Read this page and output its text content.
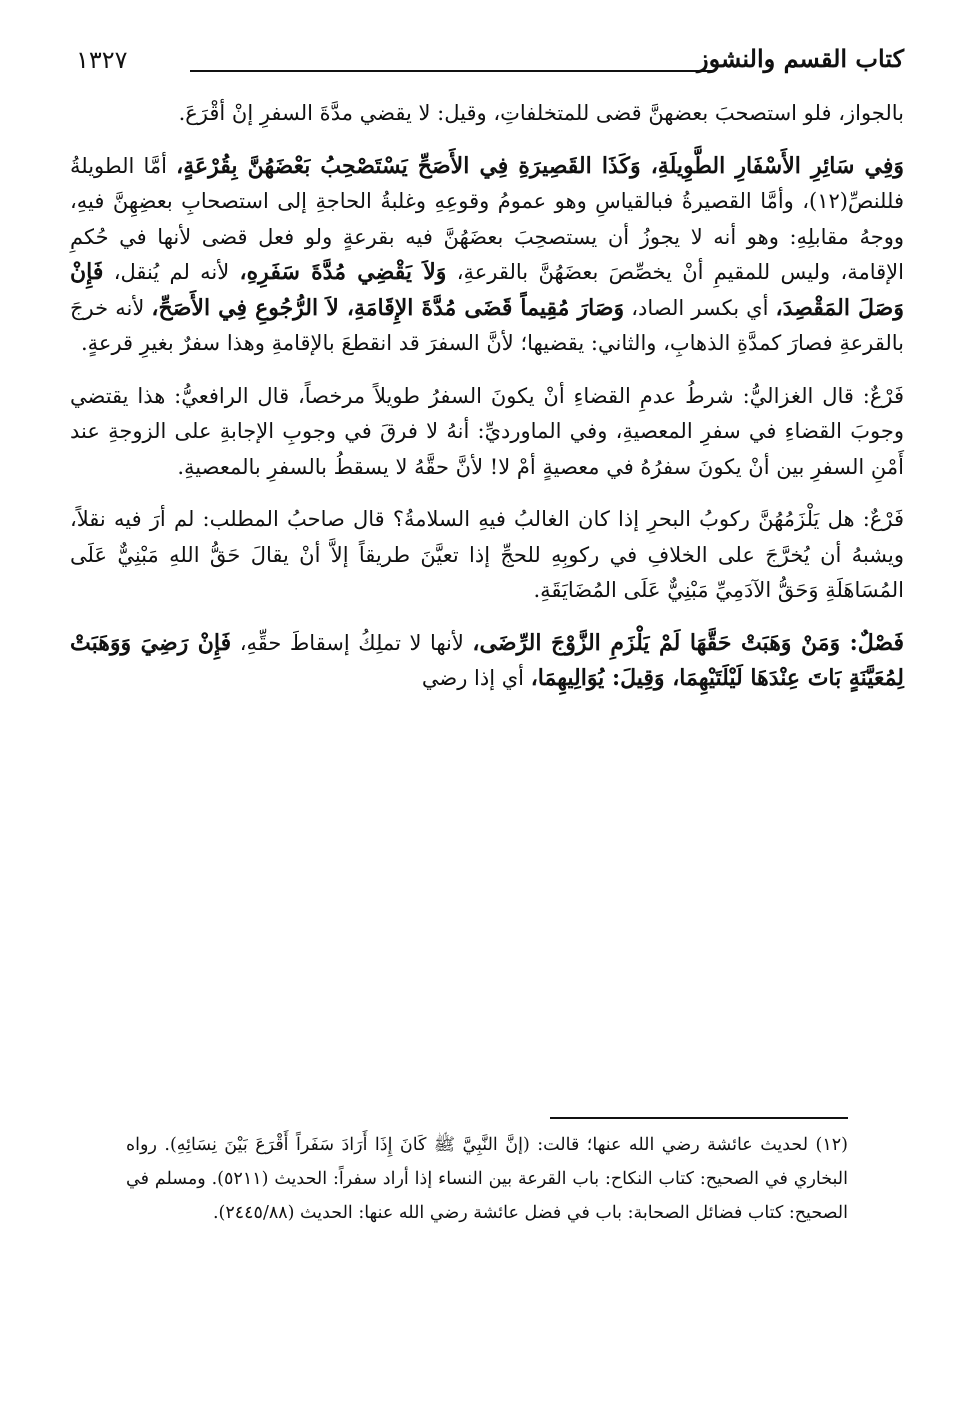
١٣٢٧	كتاب القسم والنشوز

بالجواز، فلو استصحبَ بعضهنَّ قضى للمتخلفاتِ، وقيل: لا يقضي مدَّةَ السفرِ إنْ أقْرَعَ.

وَفِي سَائِرِ الأَسْفَارِ الطَّوِيلَةِ، وَكَذَا القَصِيرَةِ فِي الأَصَحِّ يَسْتَصْحِبُ بَعْضَهُنَّ بِقُرْعَةٍ، أمَّا الطويلةُ فللنصِّ(١٢)، وأمَّا القصيرةُ فبالقياسِ وهو عمومُ وقوعِهِ وغلبةُ الحاجةِ إلى استصحابِ بعضِهِنَّ فيهِ، ووجهُ مقابلِهِ: وهو أنه لا يجوزُ أن يستصحِبَ بعضَهُنَّ فيه بقرعةٍ ولو فعل قضى لأنها في حُكمِ الإقامة، وليس للمقيمِ أنْ يخصِّصَ بعضَهُنَّ بالقرعةِ، وَلاَ يَقْضِي مُدَّةَ سَفَرِهِ، لأنه لم يُنقل، فَإِنْ وَصَلَ المَقْصِدَ، أي بكسر الصاد، وَصَارَ مُقِيماً قَضَى مُدَّةَ الإِقَامَةِ، لاَ الرُّجُوعِ فِي الأَصَحِّ، لأنه خرجَ بالقرعةِ فصارَ كمدَّةِ الذهابِ، والثاني: يقضيها؛ لأنَّ السفرَ قد انقطعَ بالإقامةِ وهذا سفرٌ بغيرِ قرعةٍ.

فَرْعٌ: قال الغزاليُّ: شرطُ عدمِ القضاءِ أنْ يكونَ السفرُ طويلاً مرخصاً، قال الرافعيُّ: هذا يقتضي وجوبَ القضاءِ في سفرِ المعصيةِ، وفي الماورديِّ: أنهُ لا فرقَ في وجوبِ الإجابةِ على الزوجةِ عند أَمْنِ السفرِ بين أنْ يكونَ سفرُهُ في معصيةٍ أمْ لا! لأنَّ حقَّهُ لا يسقطُ بالسفرِ بالمعصيةِ.

فَرْعٌ: هل يَلْزَمُهُنَّ ركوبُ البحرِ إذا كان الغالبُ فيهِ السلامةُ؟ قال صاحبُ المطلب: لم أرَ فيه نقلاً، ويشبهُ أن يُخرَّجَ على الخلافِ في ركوبِهِ للحجِّ إذا تعيَّنَ طريقاً إلاَّ أنْ يقالَ حَقُّ اللهِ مَبْنِيٌّ عَلَى المُسَاهَلَةِ وَحَقُّ الآدَمِيِّ مَبْنِيٌّ عَلَى المُضَايَقَةِ.

فَصْلٌ: وَمَنْ وَهَبَتْ حَقَّهَا لَمْ يَلْزَمِ الزَّوْجَ الرِّضَى، لأنها لا تملِكُ إسقاطَ حقِّهِ، فَإِنْ رَضِيَ وَوَهَبَتْ لِمُعَيَّنَةٍ بَاتَ عِنْدَهَا لَيْلَتَيْهِمَا، وَقِيلَ: يُوَالِيهِمَا، أي إذا رضي

(١٢) لحديث عائشة رضي الله عنها؛ قالت: (إنَّ النَّبِيَّ ﷺ كَانَ إِذَا أَرَادَ سَفَراً أَقْرَعَ بَيْنَ نِسَائِهِ). رواه البخاري في الصحيح: كتاب النكاح: باب القرعة بين النساء إذا أراد سفراً: الحديث (٥٢١١). ومسلم في الصحيح: كتاب فضائل الصحابة: باب في فضل عائشة رضي الله عنها: الحديث (٢٤٤٥/٨٨).
